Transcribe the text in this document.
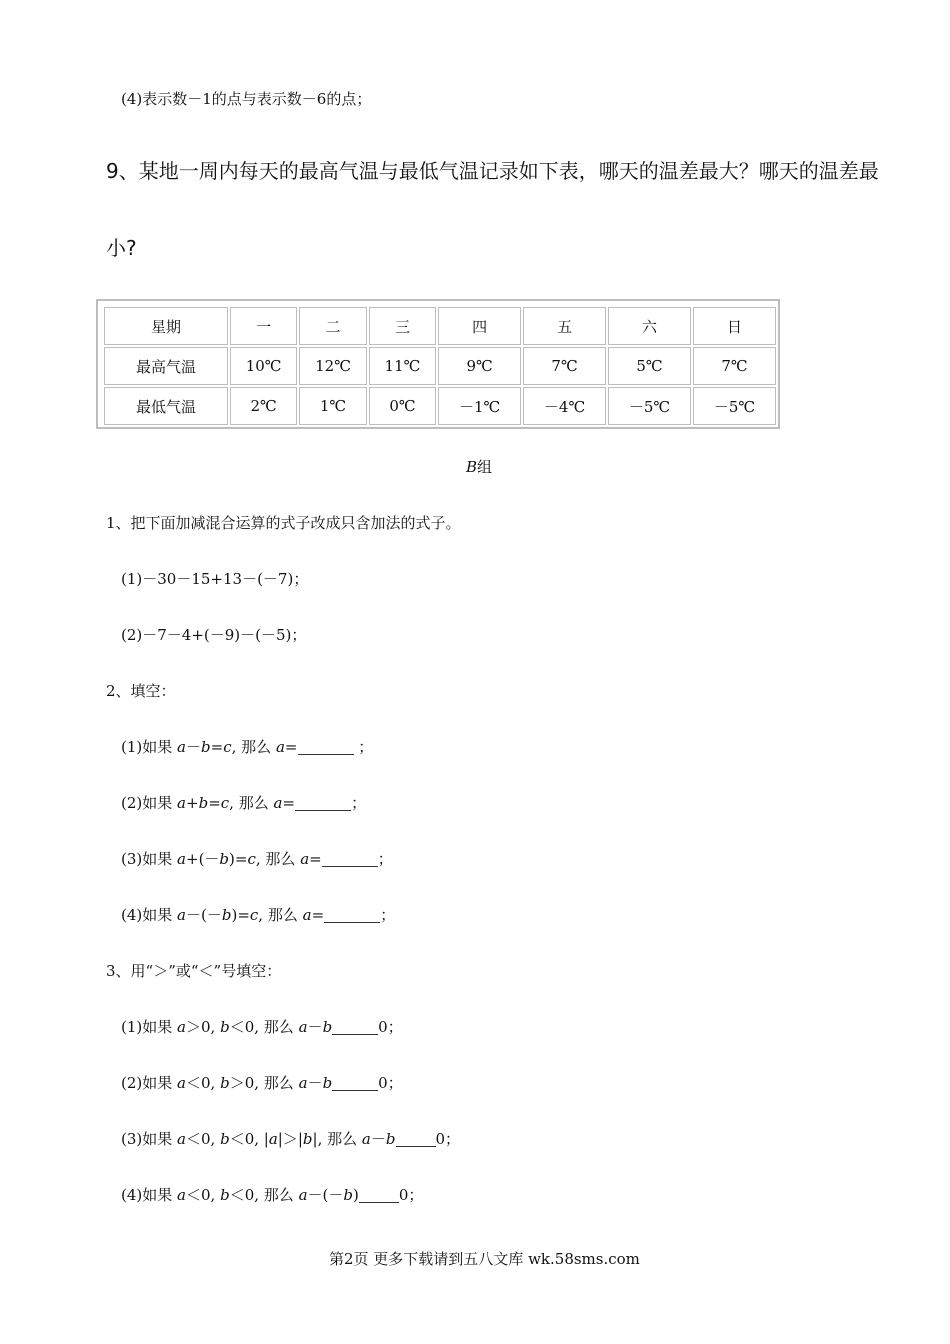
(4)表示数－1的点与表示数－6的点；
9、某地一周内每天的最高气温与最低气温记录如下表，哪天的温差最大？哪天的温差最
小?
星期	一	二	三	四	五	六	日
最高气温	10℃	12℃	11℃	9℃	7℃	5℃	7℃
最低气温	2℃	1℃	0℃	－1℃	－4℃	－5℃	－5℃
B组
1、把下面加减混合运算的式子改成只含加法的式子。
(1)－30－15+13－(－7)；
(2)－7－4+(－9)－(－5)；
2、填空：
(1)如果 a－b=c, 那么 a=	；
(2)如果 a+b=c, 那么 a=	；
(3)如果 a+(－b)=c, 那么 a=	；
(4)如果 a－(－b)=c, 那么 a=	；
3、用“＞”或“＜”号填空：
(1)如果 a＞0, b＜0, 那么 a－b	0；
(2)如果 a＜0, b＞0, 那么 a－b	0；
(3)如果 a＜0, b＜0, |a|＞|b|, 那么 a－b	0；
(4)如果 a＜0, b＜0, 那么 a－(－b)	0；
第2页 更多下载请到五八文库 wk.58sms.com
